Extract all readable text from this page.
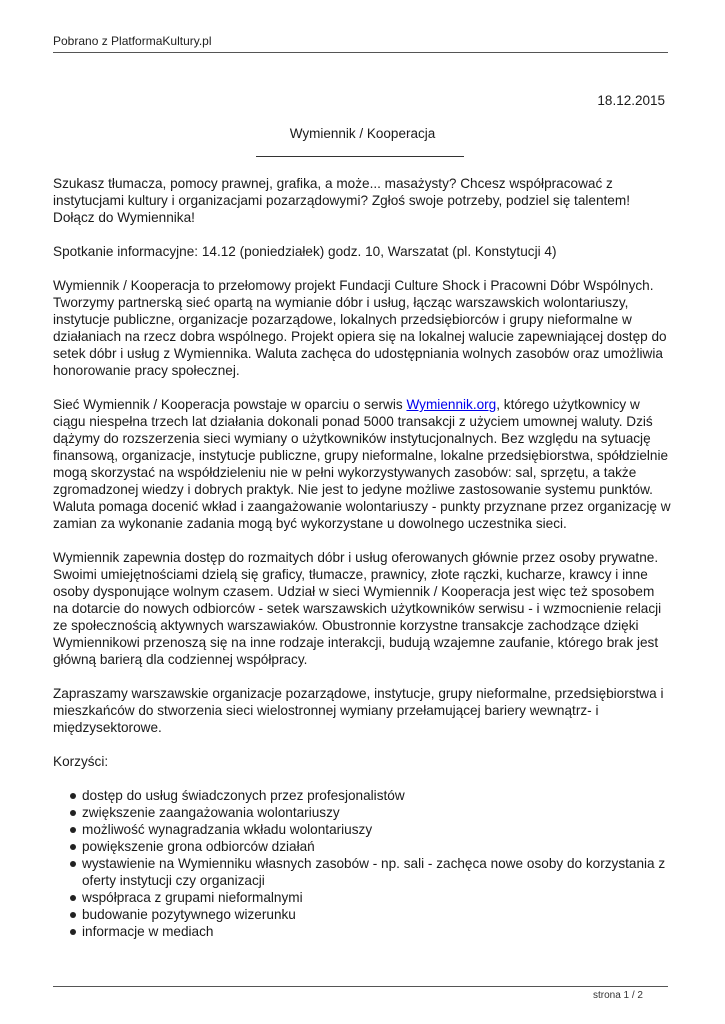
Pobrano z PlatformaKultury.pl
18.12.2015
Wymiennik / Kooperacja

Szukasz tłumacza, pomocy prawnej, grafika, a może... masażysty? Chcesz współpracować z instytucjami kultury i organizacjami pozarządowymi? Zgłoś swoje potrzeby, podziel się talentem! Dołącz do Wymiennika!

Spotkanie informacyjne: 14.12 (poniedziałek) godz. 10, Warszatat (pl. Konstytucji 4)

Wymiennik / Kooperacja to przełomowy projekt Fundacji Culture Shock i Pracowni Dóbr Wspólnych. Tworzymy partnerską sieć opartą na wymianie dóbr i usług, łącząc warszawskich wolontariuszy, instytucje publiczne, organizacje pozarządowe, lokalnych przedsiębiorców i grupy nieformalne w działaniach na rzecz dobra wspólnego. Projekt opiera się na lokalnej walucie zapewniającej dostęp do setek dóbr i usług z Wymiennika. Waluta zachęca do udostępniania wolnych zasobów oraz umożliwia honorowanie pracy społecznej.

Sieć Wymiennik / Kooperacja powstaje w oparciu o serwis Wymiennik.org, którego użytkownicy w ciągu niespełna trzech lat działania dokonali ponad 5000 transakcji z użyciem umownej waluty. Dziś dążymy do rozszerzenia sieci wymiany o użytkowników instytucjonalnych. Bez względu na sytuację finansową, organizacje, instytucje publiczne, grupy nieformalne, lokalne przedsiębiorstwa, spółdzielnie mogą skorzystać na współdzieleniu nie w pełni wykorzystywanych zasobów: sal, sprzętu, a także zgromadzonej wiedzy i dobrych praktyk. Nie jest to jedyne możliwe zastosowanie systemu punktów. Waluta pomaga docenić wkład i zaangażowanie wolontariuszy - punkty przyznane przez organizację w zamian za wykonanie zadania mogą być wykorzystane u dowolnego uczestnika sieci.

Wymiennik zapewnia dostęp do rozmaitych dóbr i usług oferowanych głównie przez osoby prywatne. Swoimi umiejętnościami dzielą się graficy, tłumacze, prawnicy, złote rączki, kucharze, krawcy i inne osoby dysponujące wolnym czasem. Udział w sieci Wymiennik / Kooperacja jest więc też sposobem na dotarcie do nowych odbiorców - setek warszawskich użytkowników serwisu - i wzmocnienie relacji ze społecznością aktywnych warszawiaków. Obustronnie korzystne transakcje zachodzące dzięki Wymiennikowi przenoszą się na inne rodzaje interakcji, budują wzajemne zaufanie, którego brak jest główną barierą dla codziennej współpracy.

Zapraszamy warszawskie organizacje pozarządowe, instytucje, grupy nieformalne, przedsiębiorstwa i mieszkańców do stworzenia sieci wielostronnej wymiany przełamującej bariery wewnątrz- i międzysektorowe.

Korzyści:

dostęp do usług świadczonych przez profesjonalistów
zwiększenie zaangażowania wolontariuszy
możliwość wynagradzania wkładu wolontariuszy
powiększenie grona odbiorców działań
wystawienie na Wymienniku własnych zasobów - np. sali - zachęca nowe osoby do korzystania z oferty instytucji czy organizacji
współpraca z grupami nieformalnymi
budowanie pozytywnego wizerunku
informacje w mediach
strona 1 / 2
